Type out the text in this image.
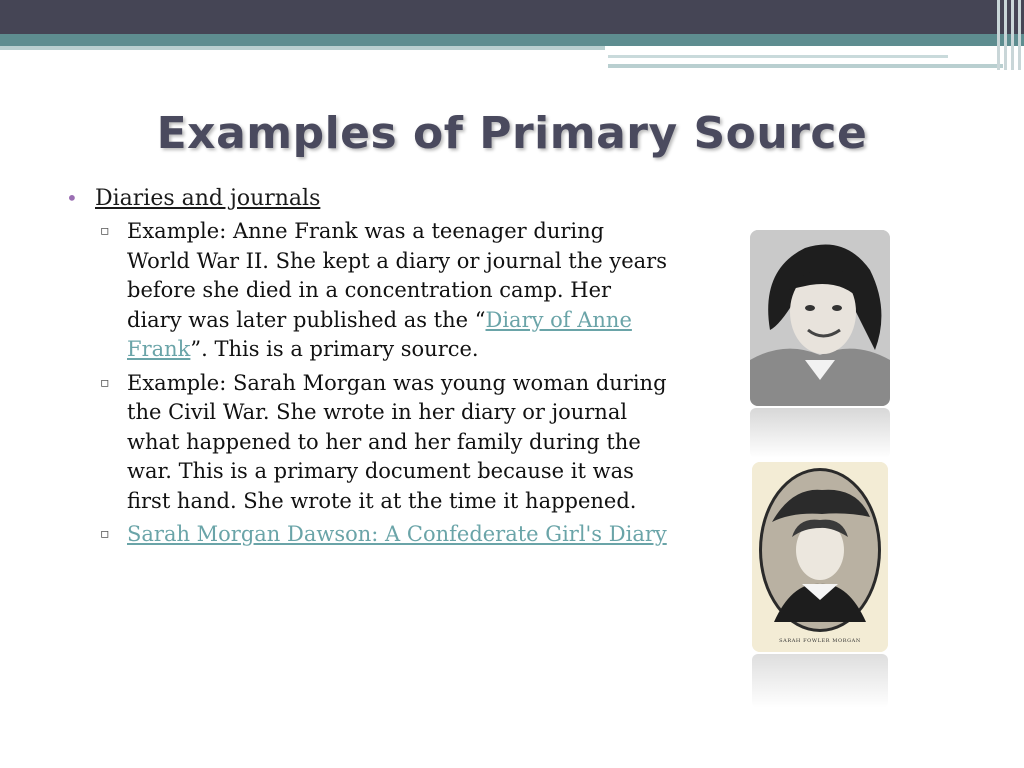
Examples of Primary Source
• Diaries and journals
▫ Example: Anne Frank was a teenager during World War II. She kept a diary or journal the years before she died in a concentration camp. Her diary was later published as the “Diary of Anne Frank”. This is a primary source.
▫ Example: Sarah Morgan was young woman during the Civil War. She wrote in her diary or journal what happened to her and her family during the war. This is a primary document because it was first hand. She wrote it at the time it happened.
▫ Sarah Morgan Dawson: A Confederate Girl's Diary
SARAH FOWLER MORGAN
